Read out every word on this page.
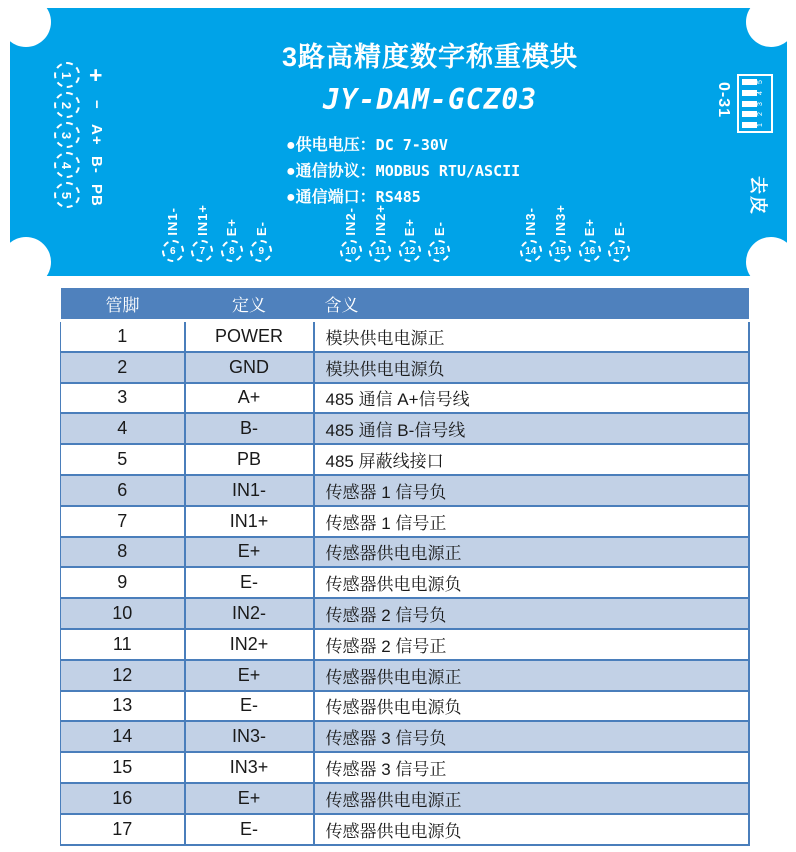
3路高精度数字称重模块
JY-DAM-GCZ03
●供电电压：DC 7-30V
●通信协议：MODBUS RTU/ASCII
●通信端口：RS485
1 +
2 −
3 A+
4 B-
5 PB
IN1-
6
IN1+
7
E+
8
E-
9
IN2-
10
IN2+
11
E+
12
E-
13
IN3-
14
IN3+
15
E+
16
E-
17
0-31
1
2
3
4
5
去皮
管脚	定义	含义
1	POWER	模块供电电源正
2	GND	模块供电电源负
3	A+	485 通信 A+信号线
4	B-	485 通信 B-信号线
5	PB	485 屏蔽线接口
6	IN1-	传感器 1 信号负
7	IN1+	传感器 1 信号正
8	E+	传感器供电电源正
9	E-	传感器供电电源负
10	IN2-	传感器 2 信号负
11	IN2+	传感器 2 信号正
12	E+	传感器供电电源正
13	E-	传感器供电电源负
14	IN3-	传感器 3 信号负
15	IN3+	传感器 3 信号正
16	E+	传感器供电电源正
17	E-	传感器供电电源负
